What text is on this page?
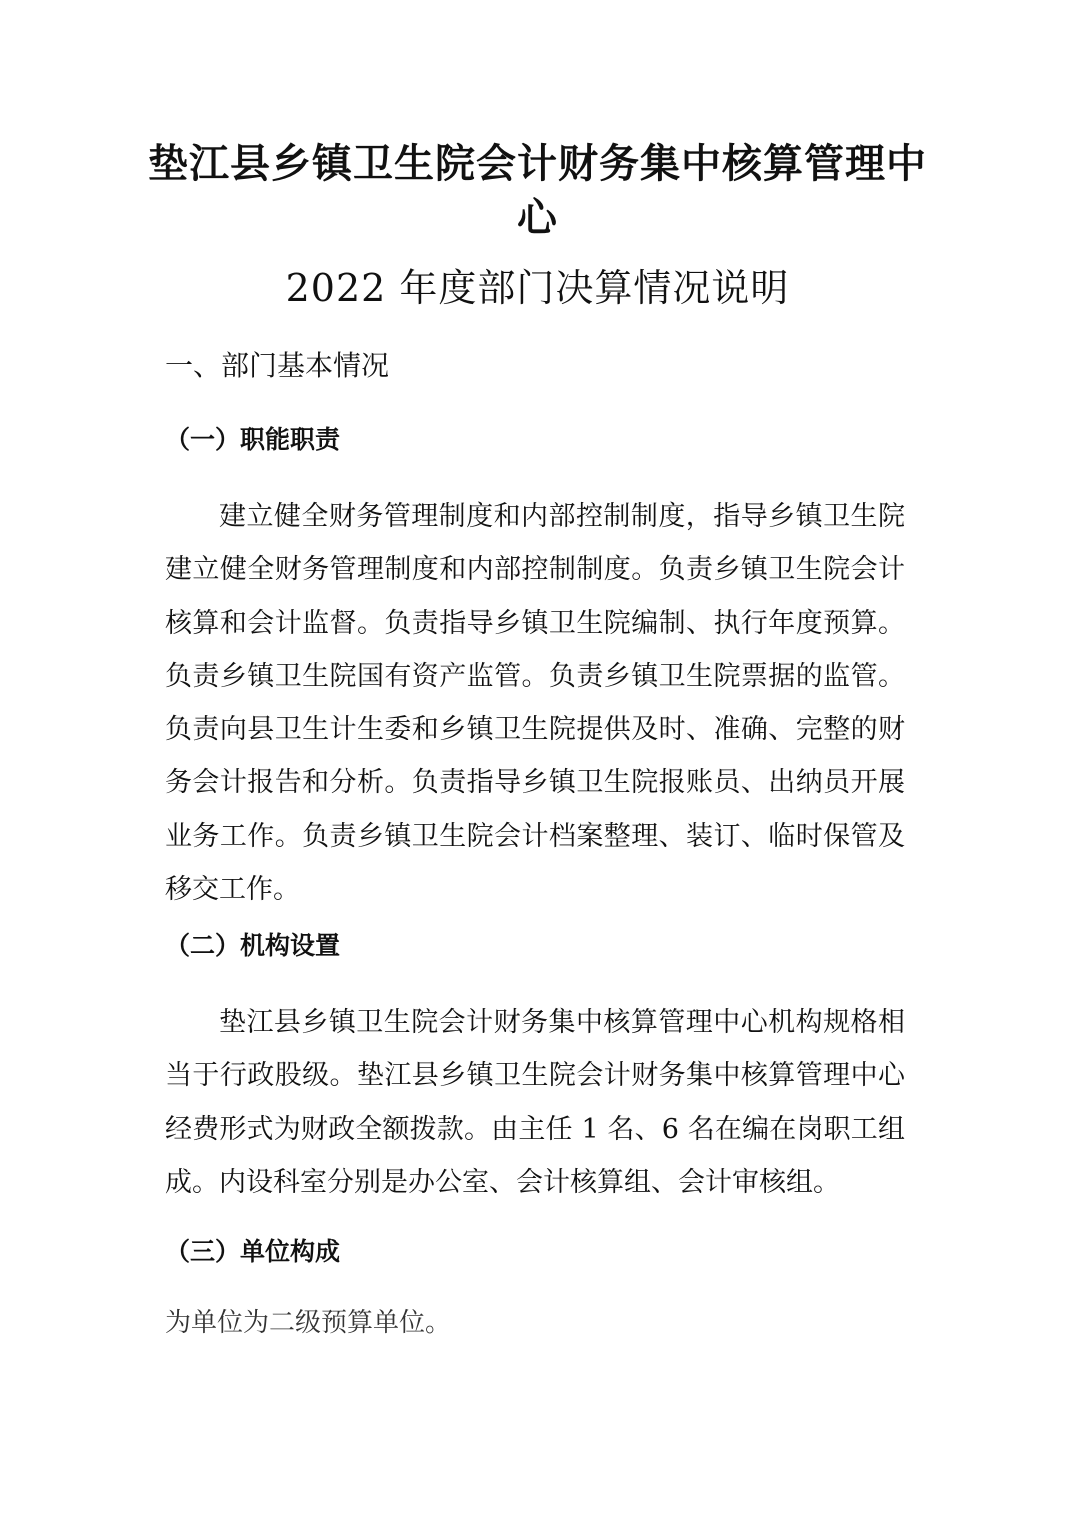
垫江县乡镇卫生院会计财务集中核算管理中
心
2022 年度部门决算情况说明
一、部门基本情况
（一）职能职责

建立健全财务管理制度和内部控制制度，指导乡镇卫生院建立健全财务管理制度和内部控制制度。负责乡镇卫生院会计核算和会计监督。负责指导乡镇卫生院编制、执行年度预算。负责乡镇卫生院国有资产监管。负责乡镇卫生院票据的监管。负责向县卫生计生委和乡镇卫生院提供及时、准确、完整的财务会计报告和分析。负责指导乡镇卫生院报账员、出纳员开展业务工作。负责乡镇卫生院会计档案整理、装订、临时保管及移交工作。

（二）机构设置

垫江县乡镇卫生院会计财务集中核算管理中心机构规格相当于行政股级。垫江县乡镇卫生院会计财务集中核算管理中心经费形式为财政全额拨款。由主任 1 名、6 名在编在岗职工组成。内设科室分别是办公室、会计核算组、会计审核组。

（三）单位构成
为单位为二级预算单位。
